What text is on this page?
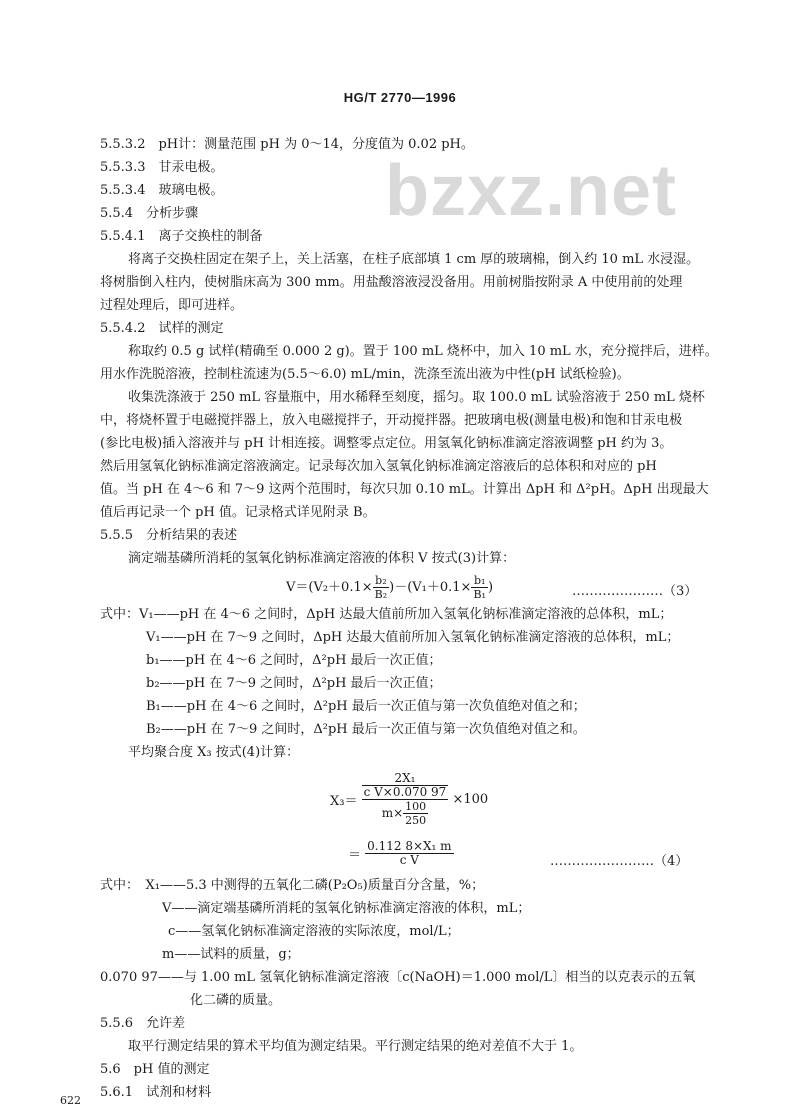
HG/T 2770—1996
bzxz.net
5.5.3.2　pH计：测量范围 pH 为 0～14，分度值为 0.02 pH。
5.5.3.3　甘汞电极。
5.5.3.4　玻璃电极。
5.5.4　分析步骤
5.5.4.1　离子交换柱的制备
将离子交换柱固定在架子上，关上活塞，在柱子底部填 1 cm 厚的玻璃棉，倒入约 10 mL 水浸湿。
将树脂倒入柱内，使树脂床高为 300 mm。用盐酸溶液浸没备用。用前树脂按附录 A 中使用前的处理
过程处理后，即可进样。
5.5.4.2　试样的测定
称取约 0.5 g 试样(精确至 0.000 2 g)。置于 100 mL 烧杯中，加入 10 mL 水，充分搅拌后，进样。
用水作洗脱溶液，控制柱流速为(5.5～6.0) mL/min，洗涤至流出液为中性(pH 试纸检验)。
收集洗涤液于 250 mL 容量瓶中，用水稀释至刻度，摇匀。取 100.0 mL 试验溶液于 250 mL 烧杯
中，将烧杯置于电磁搅拌器上，放入电磁搅拌子，开动搅拌器。把玻璃电极(测量电极)和饱和甘汞电极
(参比电极)插入溶液并与 pH 计相连接。调整零点定位。用氢氧化钠标准滴定溶液调整 pH 约为 3。
然后用氢氧化钠标准滴定溶液滴定。记录每次加入氢氧化钠标准滴定溶液后的总体积和对应的 pH
值。当 pH 在 4～6 和 7～9 这两个范围时，每次只加 0.10 mL。计算出 ΔpH 和 Δ²pH。ΔpH 出现最大
值后再记录一个 pH 值。记录格式详见附录 B。
5.5.5　分析结果的表述
滴定端基磷所消耗的氢氧化钠标准滴定溶液的体积 V 按式(3)计算：
$V=(V_2+0.1\times \frac{\text{b₂}}{\text{B₂}} )-(V_1+0.1\times \frac{\text{b₁}}{\text{B₁}}$ )	…………………（3）
式中：V₁——pH 在 4～6 之间时，ΔpH 达最大值前所加入氢氧化钠标准滴定溶液的总体积，mL；
V₁——pH 在 7～9 之间时，ΔpH 达最大值前所加入氢氧化钠标准滴定溶液的总体积，mL；
b₁——pH 在 4～6 之间时，Δ²pH 最后一次正值；
b₂——pH 在 7～9 之间时，Δ²pH 最后一次正值；
B₁——pH 在 4～6 之间时，Δ²pH 最后一次正值与第一次负值绝对值之和；
B₂——pH 在 7～9 之间时，Δ²pH 最后一次正值与第一次负值绝对值之和。
平均聚合度 X₃ 按式(4)计算：
X₃＝
2X₁
c V×0.070 97
$m\times \frac{100}{250}$
×100
＝ $\frac{\text{0.112 8×X₁ m}}{\text{c V}}$	……………………（4）
式中：　X₁——5.3 中测得的五氧化二磷(P₂O₅)质量百分含量，%；
V——滴定端基磷所消耗的氢氧化钠标准滴定溶液的体积，mL；
c——氢氧化钠标准滴定溶液的实际浓度，mol/L；
m——试料的质量，g；
0.070 97——与 1.00 mL 氢氧化钠标准滴定溶液〔c(NaOH)＝1.000 mol/L〕相当的以克表示的五氧
化二磷的质量。
5.5.6　允许差
取平行测定结果的算术平均值为测定结果。平行测定结果的绝对差值不大于 1。
5.6　pH 值的测定
5.6.1　试剂和材料
622
